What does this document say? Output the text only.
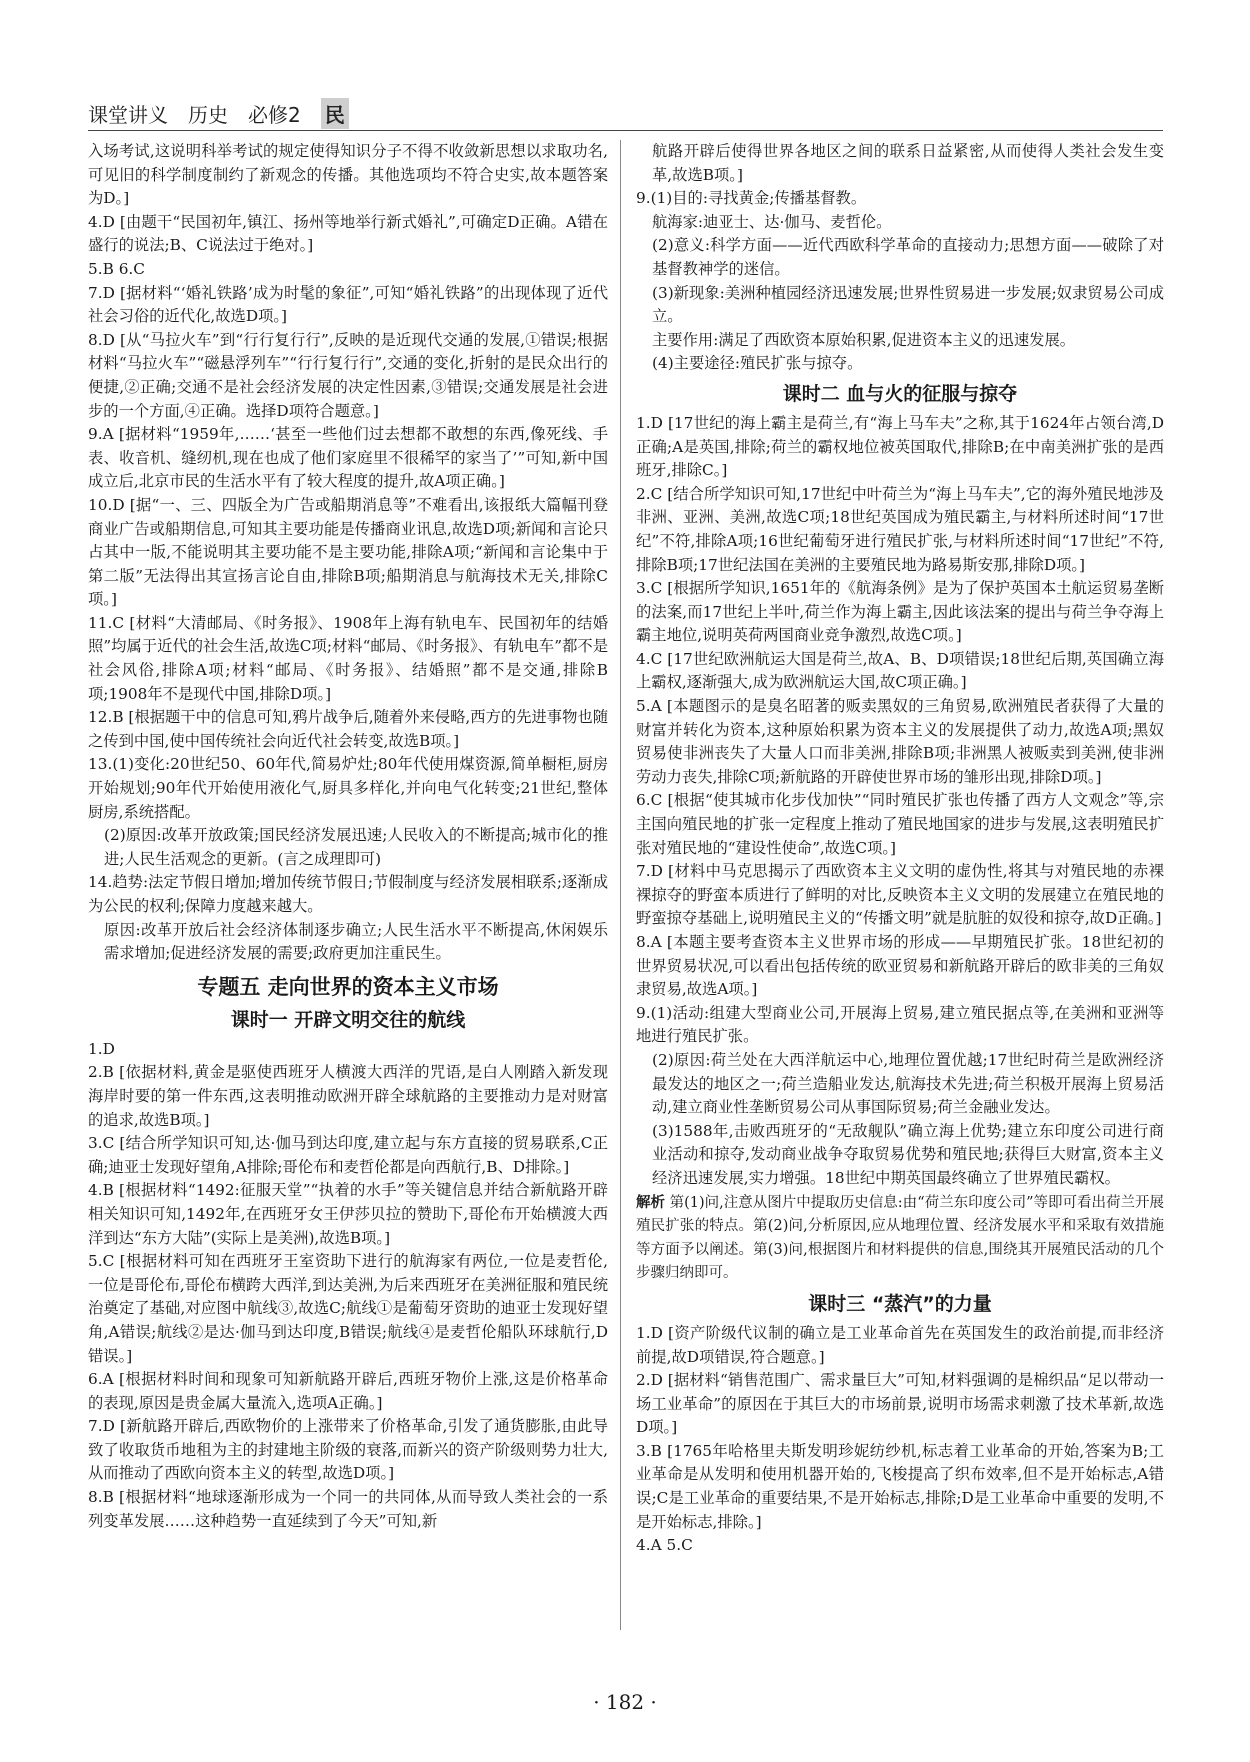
课堂讲义 历史 必修2 民

入场考试,这说明科举考试的规定使得知识分子不得不收敛新思想以求取功名,可见旧的科学制度制约了新观念的传播。其他选项均不符合史实,故本题答案为D。]

4.D [由题干“民国初年,镇江、扬州等地举行新式婚礼”,可确定D正确。A错在盛行的说法;B、C说法过于绝对。]

5.B 6.C

7.D [据材料“‘婚礼铁路’成为时髦的象征”,可知“婚礼铁路”的出现体现了近代社会习俗的近代化,故选D项。]

8.D [从“马拉火车”到“行行复行行”,反映的是近现代交通的发展,①错误;根据材料“马拉火车”“磁悬浮列车”“行行复行行”,交通的变化,折射的是民众出行的便捷,②正确;交通不是社会经济发展的决定性因素,③错误;交通发展是社会进步的一个方面,④正确。选择D项符合题意。]

9.A [据材料“1959年,……‘甚至一些他们过去想都不敢想的东西,像死线、手表、收音机、缝纫机,现在也成了他们家庭里不很稀罕的家当了’”可知,新中国成立后,北京市民的生活水平有了较大程度的提升,故A项正确。]

10.D [据“一、三、四版全为广告或船期消息等”不难看出,该报纸大篇幅刊登商业广告或船期信息,可知其主要功能是传播商业讯息,故选D项;新闻和言论只占其中一版,不能说明其主要功能不是主要功能,排除A项;“新闻和言论集中于第二版”无法得出其宣扬言论自由,排除B项;船期消息与航海技术无关,排除C项。]

11.C [材料“大清邮局、《时务报》、1908年上海有轨电车、民国初年的结婚照”均属于近代的社会生活,故选C项;材料“邮局、《时务报》、有轨电车”都不是社会风俗,排除A项;材料“邮局、《时务报》、结婚照”都不是交通,排除B项;1908年不是现代中国,排除D项。]

12.B [根据题干中的信息可知,鸦片战争后,随着外来侵略,西方的先进事物也随之传到中国,使中国传统社会向近代社会转变,故选B项。]

13.(1)变化:20世纪50、60年代,简易炉灶;80年代使用煤资源,简单橱柜,厨房开始规划;90年代开始使用液化气,厨具多样化,并向电气化转变;21世纪,整体厨房,系统搭配。

(2)原因:改革开放政策;国民经济发展迅速;人民收入的不断提高;城市化的推进;人民生活观念的更新。(言之成理即可)

14.趋势:法定节假日增加;增加传统节假日;节假制度与经济发展相联系;逐渐成为公民的权利;保障力度越来越大。

原因:改革开放后社会经济体制逐步确立;人民生活水平不断提高,休闲娱乐需求增加;促进经济发展的需要;政府更加注重民生。

专题五 走向世界的资本主义市场
课时一 开辟文明交往的航线

1.D

2.B [依据材料,黄金是驱使西班牙人横渡大西洋的咒语,是白人刚踏入新发现海岸时要的第一件东西,这表明推动欧洲开辟全球航路的主要推动力是对财富的追求,故选B项。]

3.C [结合所学知识可知,达·伽马到达印度,建立起与东方直接的贸易联系,C正确;迪亚士发现好望角,A排除;哥伦布和麦哲伦都是向西航行,B、D排除。]

4.B [根据材料“1492:征服天堂”“执着的水手”等关键信息并结合新航路开辟相关知识可知,1492年,在西班牙女王伊莎贝拉的赞助下,哥伦布开始横渡大西洋到达“东方大陆”(实际上是美洲),故选B项。]

5.C [根据材料可知在西班牙王室资助下进行的航海家有两位,一位是麦哲伦,一位是哥伦布,哥伦布横跨大西洋,到达美洲,为后来西班牙在美洲征服和殖民统治奠定了基础,对应图中航线③,故选C;航线①是葡萄牙资助的迪亚士发现好望角,A错误;航线②是达·伽马到达印度,B错误;航线④是麦哲伦船队环球航行,D错误。]

6.A [根据材料时间和现象可知新航路开辟后,西班牙物价上涨,这是价格革命的表现,原因是贵金属大量流入,选项A正确。]

7.D [新航路开辟后,西欧物价的上涨带来了价格革命,引发了通货膨胀,由此导致了收取货币地租为主的封建地主阶级的衰落,而新兴的资产阶级则势力壮大,从而推动了西欧向资本主义的转型,故选D项。]

8.B [根据材料“地球逐渐形成为一个同一的共同体,从而导致人类社会的一系列变革发展……这种趋势一直延续到了今天”可知,新

航路开辟后使得世界各地区之间的联系日益紧密,从而使得人类社会发生变革,故选B项。]

9.(1)目的:寻找黄金;传播基督教。

航海家:迪亚士、达·伽马、麦哲伦。

(2)意义:科学方面——近代西欧科学革命的直接动力;思想方面——破除了对基督教神学的迷信。

(3)新现象:美洲种植园经济迅速发展;世界性贸易进一步发展;奴隶贸易公司成立。

主要作用:满足了西欧资本原始积累,促进资本主义的迅速发展。

(4)主要途径:殖民扩张与掠夺。

课时二 血与火的征服与掠夺

1.D [17世纪的海上霸主是荷兰,有“海上马车夫”之称,其于1624年占领台湾,D正确;A是英国,排除;荷兰的霸权地位被英国取代,排除B;在中南美洲扩张的是西班牙,排除C。]

2.C [结合所学知识可知,17世纪中叶荷兰为“海上马车夫”,它的海外殖民地涉及非洲、亚洲、美洲,故选C项;18世纪英国成为殖民霸主,与材料所述时间“17世纪”不符,排除A项;16世纪葡萄牙进行殖民扩张,与材料所述时间“17世纪”不符,排除B项;17世纪法国在美洲的主要殖民地为路易斯安那,排除D项。]

3.C [根据所学知识,1651年的《航海条例》是为了保护英国本土航运贸易垄断的法案,而17世纪上半叶,荷兰作为海上霸主,因此该法案的提出与荷兰争夺海上霸主地位,说明英荷两国商业竞争激烈,故选C项。]

4.C [17世纪欧洲航运大国是荷兰,故A、B、D项错误;18世纪后期,英国确立海上霸权,逐渐强大,成为欧洲航运大国,故C项正确。]

5.A [本题图示的是臭名昭著的贩卖黑奴的三角贸易,欧洲殖民者获得了大量的财富并转化为资本,这种原始积累为资本主义的发展提供了动力,故选A项;黑奴贸易使非洲丧失了大量人口而非美洲,排除B项;非洲黑人被贩卖到美洲,使非洲劳动力丧失,排除C项;新航路的开辟使世界市场的雏形出现,排除D项。]

6.C [根据“使其城市化步伐加快”“同时殖民扩张也传播了西方人文观念”等,宗主国向殖民地的扩张一定程度上推动了殖民地国家的进步与发展,这表明殖民扩张对殖民地的“建设性使命”,故选C项。]

7.D [材料中马克思揭示了西欧资本主义文明的虚伪性,将其与对殖民地的赤裸裸掠夺的野蛮本质进行了鲜明的对比,反映资本主义文明的发展建立在殖民地的野蛮掠夺基础上,说明殖民主义的“传播文明”就是肮脏的奴役和掠夺,故D正确。]

8.A [本题主要考查资本主义世界市场的形成——早期殖民扩张。18世纪初的世界贸易状况,可以看出包括传统的欧亚贸易和新航路开辟后的欧非美的三角奴隶贸易,故选A项。]

9.(1)活动:组建大型商业公司,开展海上贸易,建立殖民据点等,在美洲和亚洲等地进行殖民扩张。

(2)原因:荷兰处在大西洋航运中心,地理位置优越;17世纪时荷兰是欧洲经济最发达的地区之一;荷兰造船业发达,航海技术先进;荷兰积极开展海上贸易活动,建立商业性垄断贸易公司从事国际贸易;荷兰金融业发达。

(3)1588年,击败西班牙的“无敌舰队”确立海上优势;建立东印度公司进行商业活动和掠夺,发动商业战争夺取贸易优势和殖民地;获得巨大财富,资本主义经济迅速发展,实力增强。18世纪中期英国最终确立了世界殖民霸权。

解析 第(1)问,注意从图片中提取历史信息:由“荷兰东印度公司”等即可看出荷兰开展殖民扩张的特点。第(2)问,分析原因,应从地理位置、经济发展水平和采取有效措施等方面予以阐述。第(3)问,根据图片和材料提供的信息,围绕其开展殖民活动的几个步骤归纳即可。

课时三 “蒸汽”的力量

1.D [资产阶级代议制的确立是工业革命首先在英国发生的政治前提,而非经济前提,故D项错误,符合题意。]

2.D [据材料“销售范围广、需求量巨大”可知,材料强调的是棉织品“足以带动一场工业革命”的原因在于其巨大的市场前景,说明市场需求刺激了技术革新,故选D项。]

3.B [1765年哈格里夫斯发明珍妮纺纱机,标志着工业革命的开始,答案为B;工业革命是从发明和使用机器开始的,飞梭提高了织布效率,但不是开始标志,A错误;C是工业革命的重要结果,不是开始标志,排除;D是工业革命中重要的发明,不是开始标志,排除。]

4.A 5.C

· 182 ·
